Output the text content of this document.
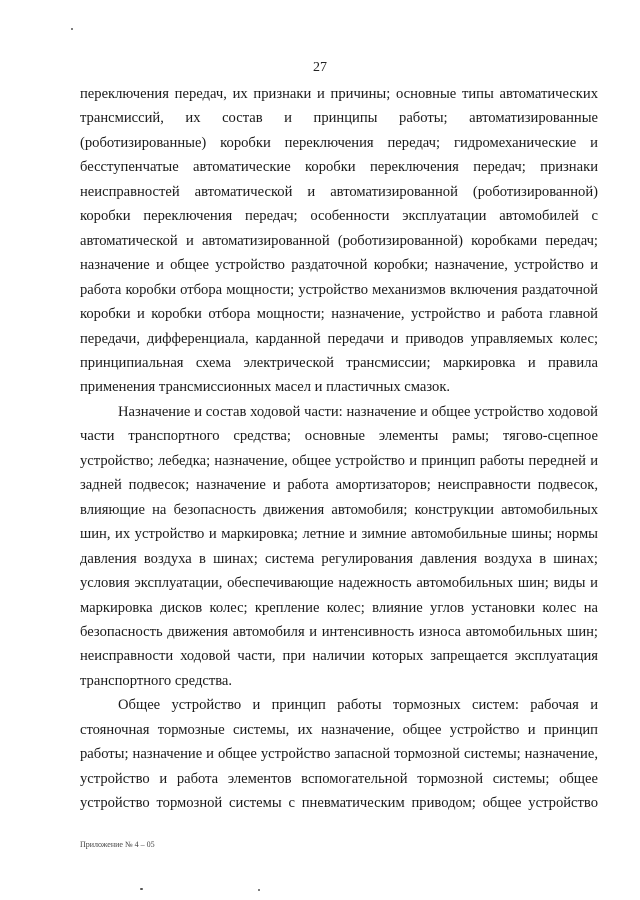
27

переключения передач, их признаки и причины; основные типы автоматических трансмиссий, их состав и принципы работы; автоматизированные (роботизированные) коробки переключения передач; гидромеханические и бесступенчатые автоматические коробки переключения передач; признаки неисправностей автоматической и автоматизированной (роботизированной) коробки переключения передач; особенности эксплуатации автомобилей с автоматической и автоматизированной (роботизированной) коробками передач; назначение и общее устройство раздаточной коробки; назначение, устройство и работа коробки отбора мощности; устройство механизмов включения раздаточной коробки и коробки отбора мощности; назначение, устройство и работа главной передачи, дифференциала, карданной передачи и приводов управляемых колес; принципиальная схема электрической трансмиссии; маркировка и правила применения трансмиссионных масел и пластичных смазок.

Назначение и состав ходовой части: назначение и общее устройство ходовой части транспортного средства; основные элементы рамы; тягово-сцепное устройство; лебедка; назначение, общее устройство и принцип работы передней и задней подвесок; назначение и работа амортизаторов; неисправности подвесок, влияющие на безопасность движения автомобиля; конструкции автомобильных шин, их устройство и маркировка; летние и зимние автомобильные шины; нормы давления воздуха в шинах; система регулирования давления воздуха в шинах; условия эксплуатации, обеспечивающие надежность автомобильных шин; виды и маркировка дисков колес; крепление колес; влияние углов установки колес на безопасность движения автомобиля и интенсивность износа автомобильных шин; неисправности ходовой части, при наличии которых запрещается эксплуатация транспортного средства.

Общее устройство и принцип работы тормозных систем: рабочая и стояночная тормозные системы, их назначение, общее устройство и принцип работы; назначение и общее устройство запасной тормозной системы; назначение, устройство и работа элементов вспомогательной тормозной системы; общее устройство тормозной системы с пневматическим приводом; общее устройство

Приложение № 4 – 05
